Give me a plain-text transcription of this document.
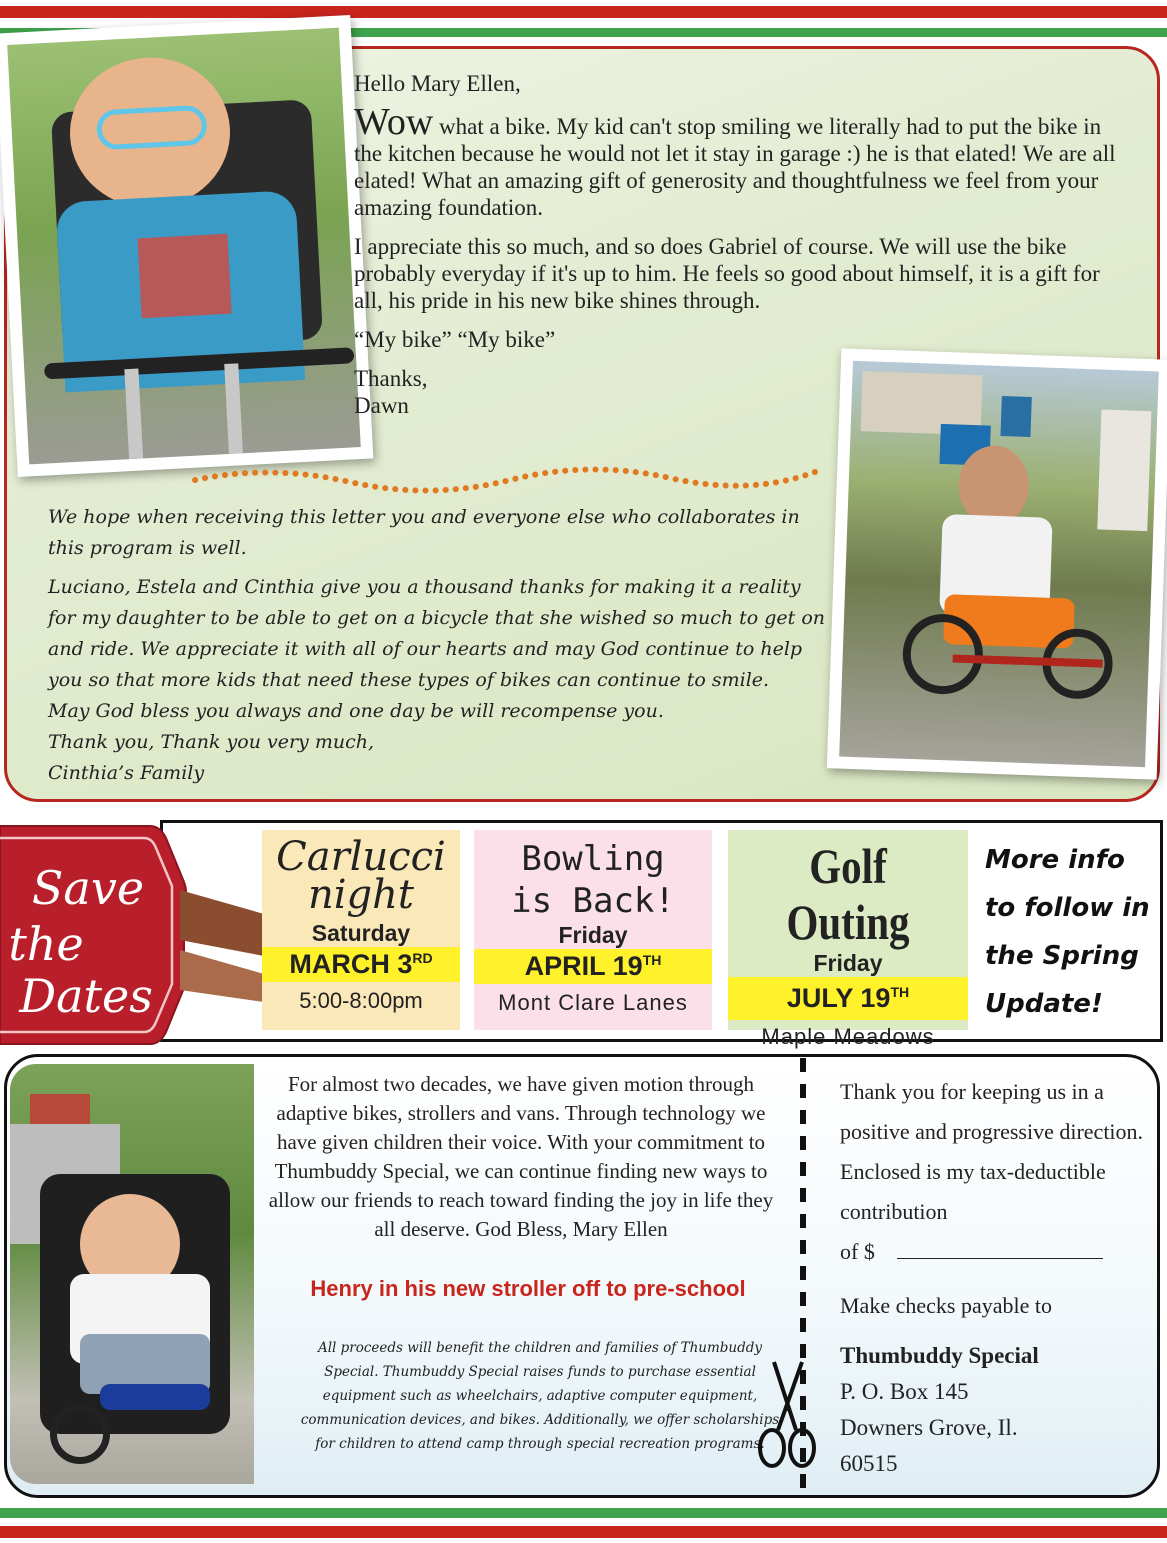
Hello Mary Ellen,

Wow what a bike. My kid can't stop smiling we literally had to put the bike in the kitchen because he would not let it stay in garage :) he is that elated! We are all elated! What an amazing gift of generosity and thoughtfulness we feel from your amazing foundation.

I appreciate this so much, and so does Gabriel of course. We will use the bike probably everyday if it's up to him. He feels so good about himself, it is a gift for all, his pride in his new bike shines through.

“My bike” “My bike”

Thanks,

Dawn

We hope when receiving this letter you and everyone else who collaborates in this program is well.

Luciano, Estela and Cinthia give you a thousand thanks for making it a reality for my daughter to be able to get on a bicycle that she wished so much to get on and ride. We appreciate it with all of our hearts and may God continue to help you so that more kids that need these types of bikes can continue to smile.

May God bless you always and one day be will recompense you.

Thank you, Thank you very much,

Cinthia’s Family

Save
the
Dates
Carlucci
night
Saturday
MARCH 3RD
5:00-8:00pm
Bowling
is Back!
Friday
APRIL 19TH
Mont Clare Lanes
Golf Outing
Friday
JULY 19TH
Maple Meadows
More info
to follow in
the Spring
Update!
For almost two decades, we have given motion through adaptive bikes, strollers and vans. Through technology we have given children their voice. With your commitment to Thumbuddy Special, we can continue finding new ways to allow our friends to reach toward finding the joy in life they all deserve. God Bless, Mary Ellen
Henry in his new stroller off to pre-school
All proceeds will benefit the children and families of Thumbuddy Special. Thumbuddy Special raises funds to purchase essential equipment such as wheelchairs, adaptive computer equipment, communication devices, and bikes. Additionally, we offer scholarships for children to attend camp through special recreation programs.
Thank you for keeping us in a positive and progressive direction. Enclosed is my tax-deductible contribution
of $
Make checks payable to
Thumbuddy Special
P. O. Box 145
Downers Grove, Il.
60515
